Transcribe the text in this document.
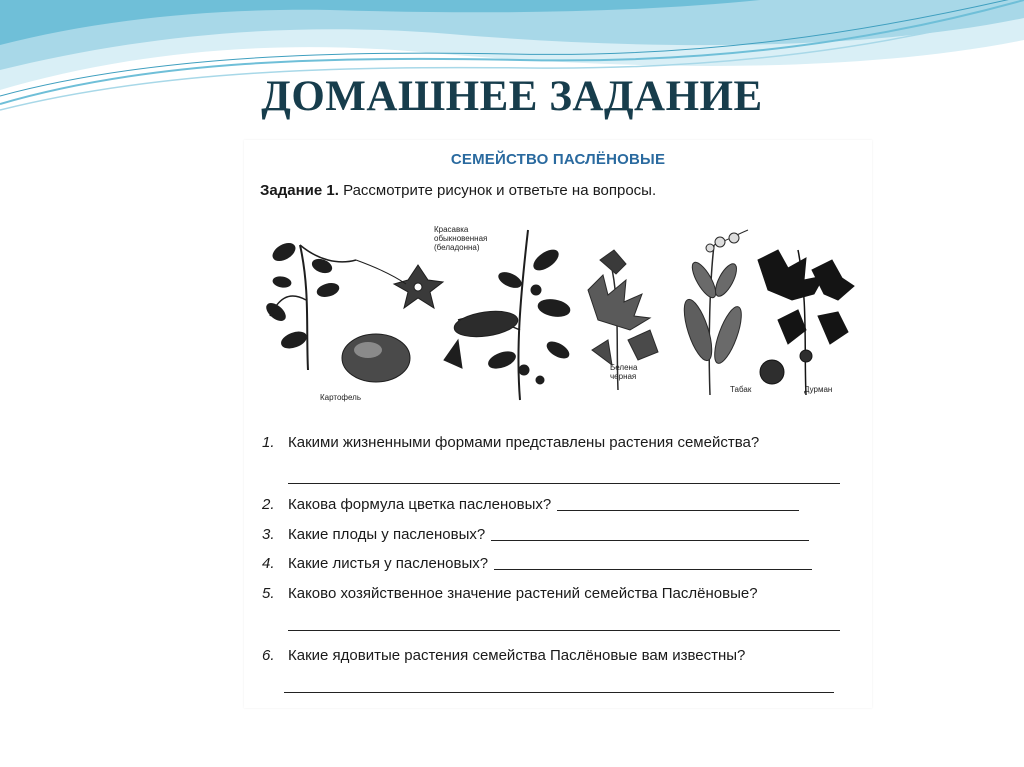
ДОМАШНЕЕ ЗАДАНИЕ
СЕМЕЙСТВО ПАСЛЁНОВЫЕ

Задание 1. Рассмотрите рисунок и ответьте на вопросы.

Красавка
обыкновенная
(беладонна)
Белена
черная
Табак	Дурман
Картофель
1. Какими жизненными формами представлены растения семейства?
2. Какова формула цветка пасленовых?
3. Какие плоды у пасленовых?
4. Какие листья у пасленовых?
5. Каково хозяйственное значение растений семейства Паслёновые?
6. Какие ядовитые растения семейства Паслёновые вам известны?
